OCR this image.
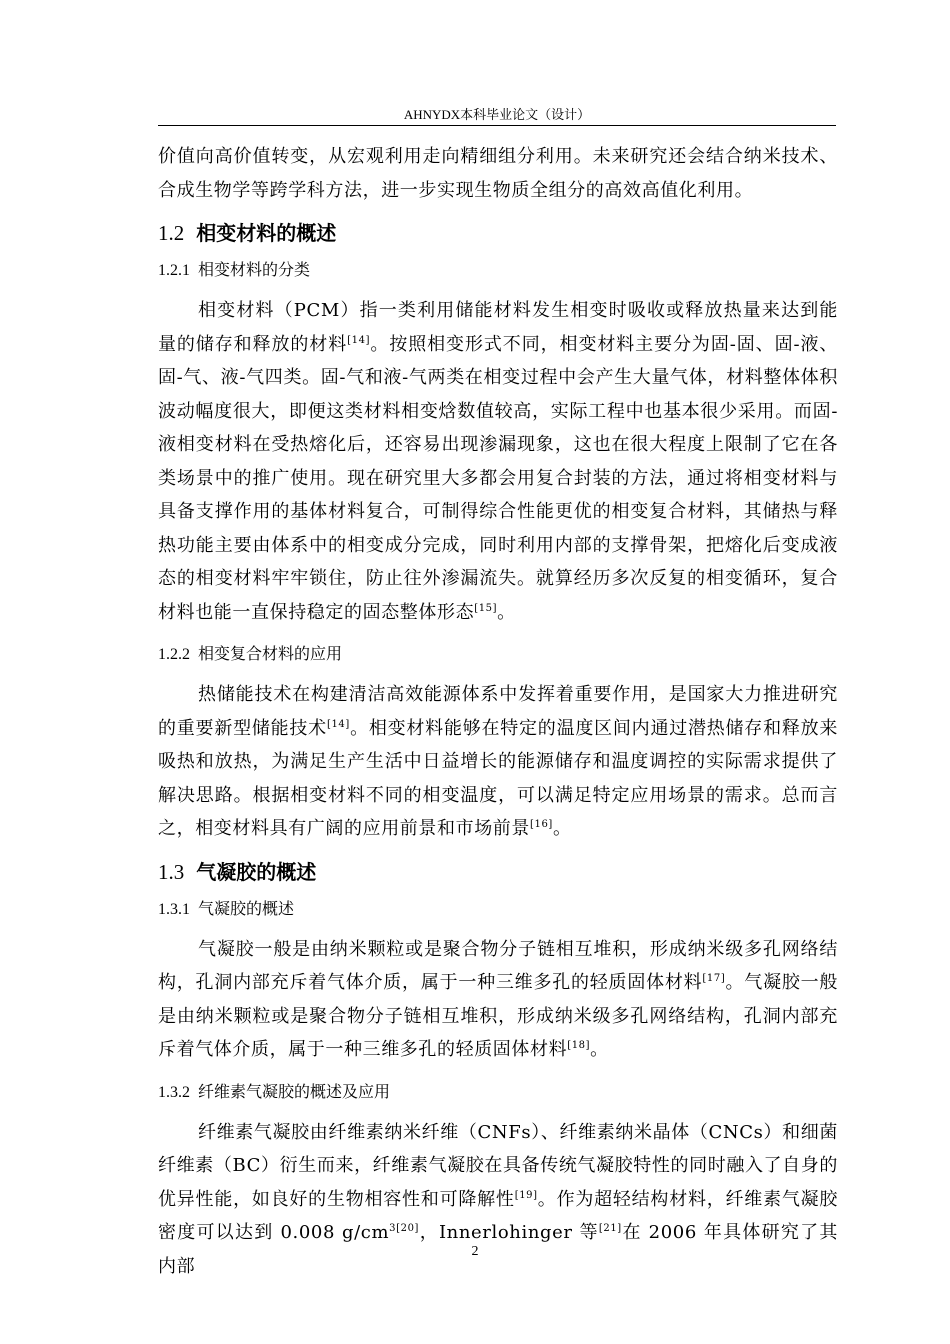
AHNYDX本科毕业论文（设计）

价值向高价值转变，从宏观利用走向精细组分利用。未来研究还会结合纳米技术、合成生物学等跨学科方法，进一步实现生物质全组分的高效高值化利用。

1.2 相变材料的概述
1.2.1 相变材料的分类

相变材料（PCM）指一类利用储能材料发生相变时吸收或释放热量来达到能量的储存和释放的材料[14]。按照相变形式不同，相变材料主要分为固-固、固-液、固-气、液-气四类。固-气和液-气两类在相变过程中会产生大量气体，材料整体体积波动幅度很大，即便这类材料相变焓数值较高，实际工程中也基本很少采用。而固-液相变材料在受热熔化后，还容易出现渗漏现象，这也在很大程度上限制了它在各类场景中的推广使用。现在研究里大多都会用复合封装的方法，通过将相变材料与具备支撑作用的基体材料复合，可制得综合性能更优的相变复合材料，其储热与释热功能主要由体系中的相变成分完成，同时利用内部的支撑骨架，把熔化后变成液态的相变材料牢牢锁住，防止往外渗漏流失。就算经历多次反复的相变循环，复合材料也能一直保持稳定的固态整体形态[15]。

1.2.2 相变复合材料的应用

热储能技术在构建清洁高效能源体系中发挥着重要作用，是国家大力推进研究的重要新型储能技术[14]。相变材料能够在特定的温度区间内通过潜热储存和释放来吸热和放热，为满足生产生活中日益增长的能源储存和温度调控的实际需求提供了解决思路。根据相变材料不同的相变温度，可以满足特定应用场景的需求。总而言之，相变材料具有广阔的应用前景和市场前景[16]。

1.3 气凝胶的概述
1.3.1 气凝胶的概述

气凝胶一般是由纳米颗粒或是聚合物分子链相互堆积，形成纳米级多孔网络结构，孔洞内部充斥着气体介质，属于一种三维多孔的轻质固体材料[17]。气凝胶一般是由纳米颗粒或是聚合物分子链相互堆积，形成纳米级多孔网络结构，孔洞内部充斥着气体介质，属于一种三维多孔的轻质固体材料[18]。

1.3.2 纤维素气凝胶的概述及应用

纤维素气凝胶由纤维素纳米纤维（CNFs）、纤维素纳米晶体（CNCs）和细菌纤维素（BC）衍生而来，纤维素气凝胶在具备传统气凝胶特性的同时融入了自身的优异性能，如良好的生物相容性和可降解性[19]。作为超轻结构材料，纤维素气凝胶密度可以达到 0.008 $g/cm^{3[20]}$，Innerlohinger 等[21]在 2006 年具体研究了其内部

2
